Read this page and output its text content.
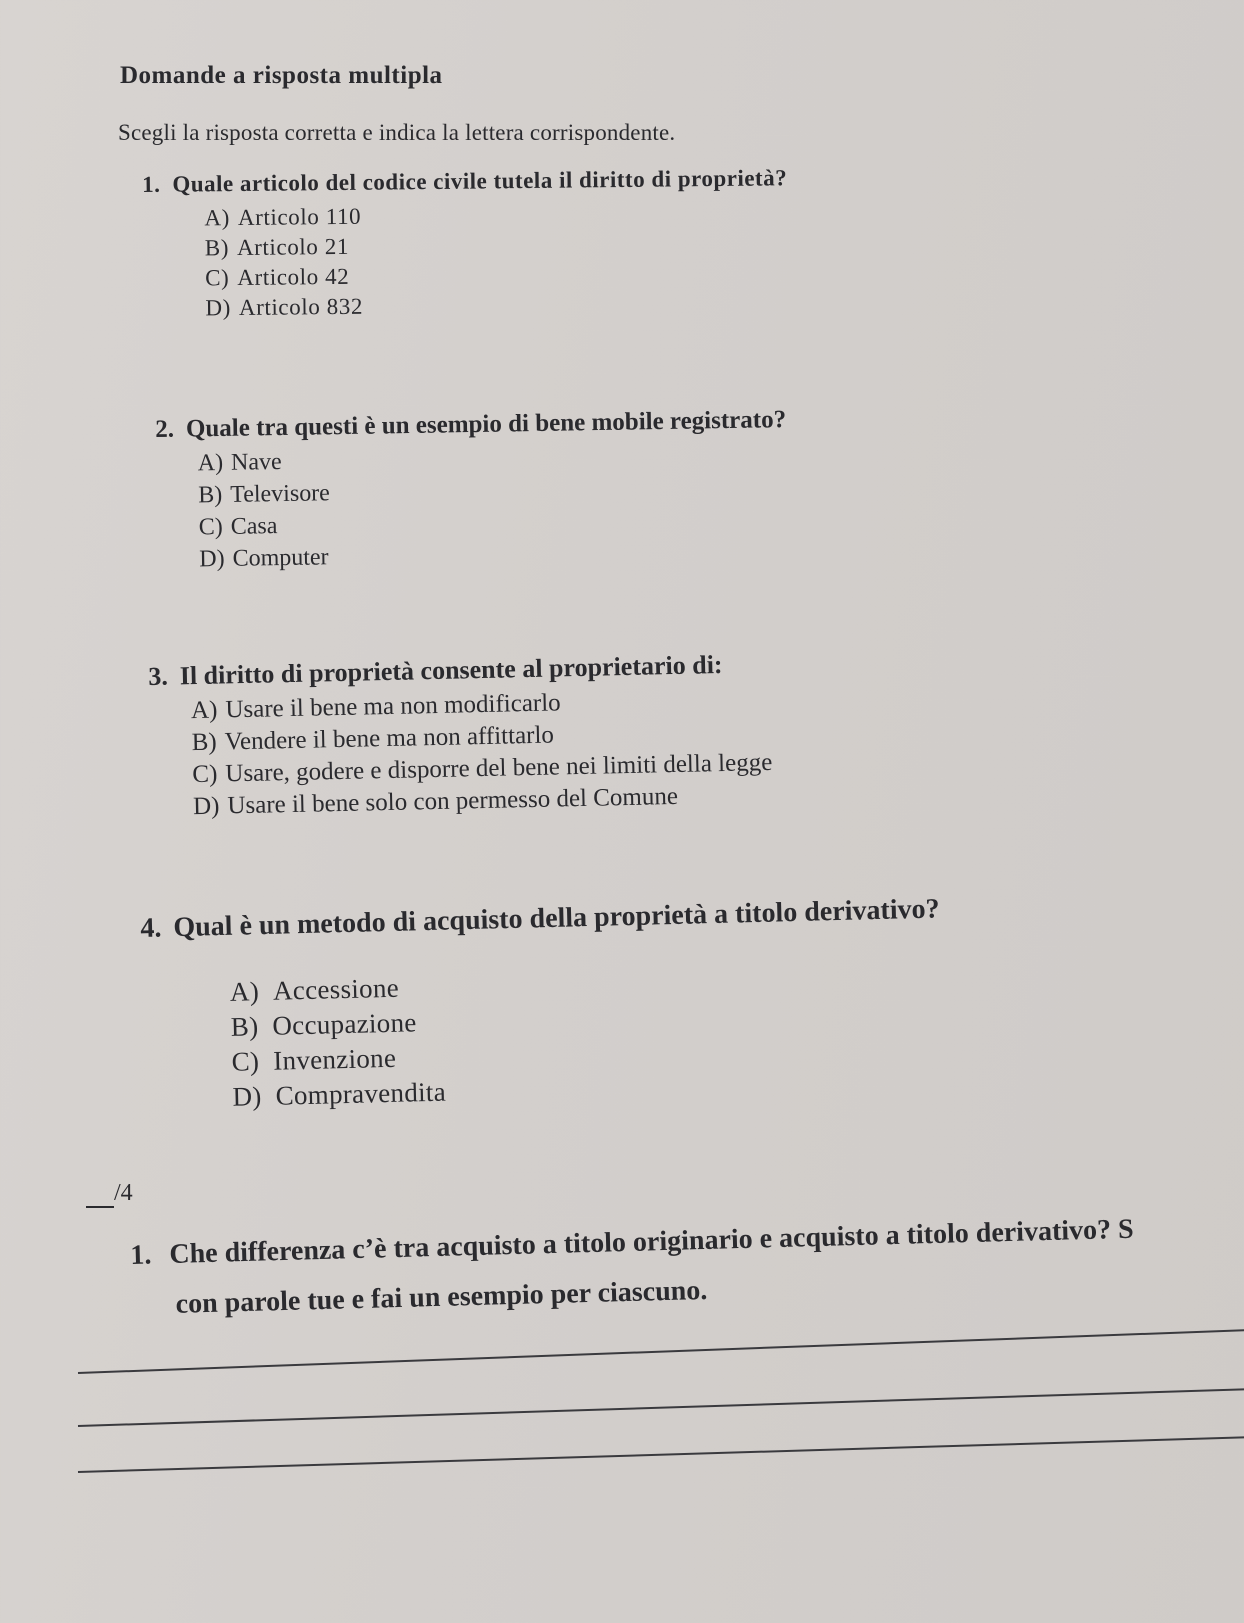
Domande a risposta multipla
Scegli la risposta corretta e indica la lettera corrispondente.
1. Quale articolo del codice civile tutela il diritto di proprietà?
A) Articolo 110
B) Articolo 21
C) Articolo 42
D) Articolo 832
2. Quale tra questi è un esempio di bene mobile registrato?
A) Nave
B) Televisore
C) Casa
D) Computer
3. Il diritto di proprietà consente al proprietario di:
A) Usare il bene ma non modificarlo
B) Vendere il bene ma non affittarlo
C) Usare, godere e disporre del bene nei limiti della legge
D) Usare il bene solo con permesso del Comune
4. Qual è un metodo di acquisto della proprietà a titolo derivativo?
A) Accessione
B) Occupazione
C) Invenzione
D) Compravendita
/4
1. Che differenza c’è tra acquisto a titolo originario e acquisto a titolo derivativo? S
con parole tue e fai un esempio per ciascuno.
